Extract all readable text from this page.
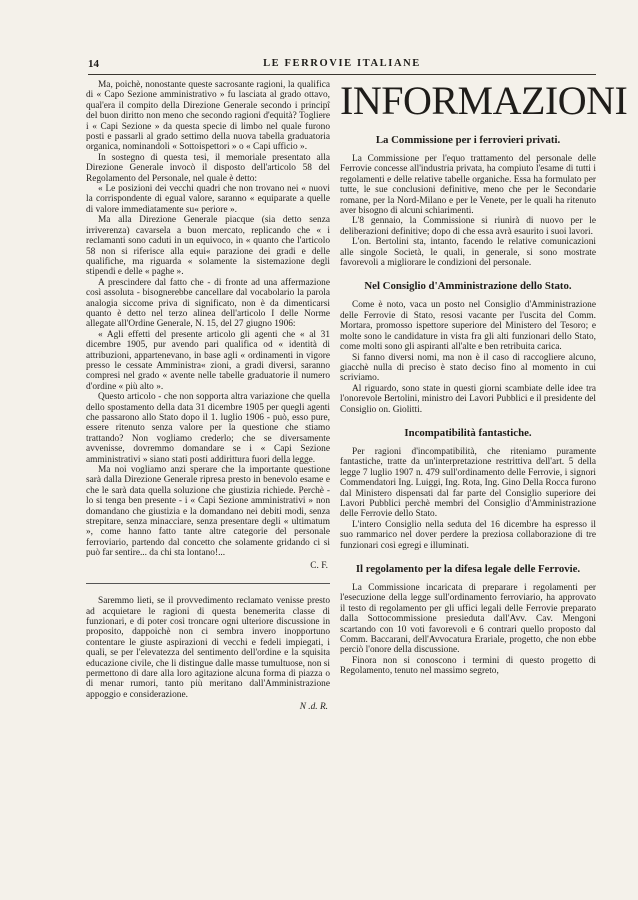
14	LE FERROVIE ITALIANE

Ma, poichè, nonostante queste sacrosante ragioni, la qualifica di « Capo Sezione amministrativo » fu lasciata al grado ottavo, qual'era il compito della Direzione Generale secondo i principî del buon diritto non meno che secondo ragioni d'equità? Togliere i « Capi Sezione » da questa specie di limbo nel quale furono posti e passarli al grado settimo della nuova tabella graduatoria organica, nominandoli « Sottoispettori » o « Capi ufficio ».

In sostegno di questa tesi, il memoriale presentato alla Direzione Generale invocò il disposto dell'articolo 58 del Regolamento del Personale, nel quale è detto:

« Le posizioni dei vecchi quadri che non trovano nei « nuovi la corrispondente di egual valore, saranno « equiparate a quelle di valore immediatamente su« periore ».

Ma alla Direzione Generale piacque (sia detto senza irriverenza) cavarsela a buon mercato, replicando che « i reclamanti sono caduti in un equivoco, in « quanto che l'articolo 58 non si riferisce alla equi« parazione dei gradi e delle qualifiche, ma riguarda « solamente la sistemazione degli stipendi e delle « paghe ».

A prescindere dal fatto che - di fronte ad una affermazione così assoluta - bisognerebbe cancellare dal vocabolario la parola analogia siccome priva di significato, non è da dimenticarsi quanto è detto nel terzo alinea dell'articolo I delle Norme allegate all'Ordine Generale, N. 15, del 27 giugno 1906:

« Agli effetti del presente articolo gli agenti che « al 31 dicembre 1905, pur avendo pari qualifica od « identità di attribuzioni, appartenevano, in base agli « ordinamenti in vigore presso le cessate Amministra« zioni, a gradi diversi, saranno compresi nel grado « avente nelle tabelle graduatorie il numero d'ordine « più alto ».

Questo articolo - che non sopporta altra variazione che quella dello spostamento della data 31 dicembre 1905 per quegli agenti che passarono allo Stato dopo il 1. luglio 1906 - può, esso pure, essere ritenuto senza valore per la questione che stiamo trattando? Non vogliamo crederlo; che se diversamente avvenisse, dovremmo domandare se i « Capi Sezione amministrativi » siano stati posti addirittura fuori della legge.

Ma noi vogliamo anzi sperare che la importante questione sarà dalla Direzione Generale ripresa presto in benevolo esame e che le sarà data quella soluzione che giustizia richiede. Perchè - lo si tenga ben presente - i « Capi Sezione amministrativi » non domandano che giustizia e la domandano nei debiti modi, senza strepitare, senza minacciare, senza presentare degli « ultimatum », come hanno fatto tante altre categorie del personale ferroviario, partendo dal concetto che solamente gridando ci si può far sentire... da chi sta lontano!...

C. F.

Saremmo lieti, se il provvedimento reclamato venisse presto ad acquietare le ragioni di questa benemerita classe di funzionari, e di poter così troncare ogni ulteriore discussione in proposito, dappoichè non ci sembra invero inopportuno contentare le giuste aspirazioni di vecchi e fedeli impiegati, i quali, se per l'elevatezza del sentimento dell'ordine e la squisita educazione civile, che li distingue dalle masse tumultuose, non si permettono di dare alla loro agitazione alcuna forma di piazza o di menar rumori, tanto più meritano dall'Amministrazione appoggio e considerazione.

N .d. R.

INFORMAZIONI
La Commissione per i ferrovieri privati.

La Commissione per l'equo trattamento del personale delle Ferrovie concesse all'industria privata, ha compiuto l'esame di tutti i regolamenti e delle relative tabelle organiche. Essa ha formulato per tutte, le sue conclusioni definitive, meno che per le Secondarie romane, per la Nord-Milano e per le Venete, per le quali ha ritenuto aver bisogno di alcuni schiarimenti.

L'8 gennaio, la Commissione si riunirà di nuovo per le deliberazioni definitive; dopo di che essa avrà esaurito i suoi lavori.

L'on. Bertolini sta, intanto, facendo le relative comunicazioni alle singole Società, le quali, in generale, si sono mostrate favorevoli a migliorare le condizioni del personale.

Nel Consiglio d'Amministrazione dello Stato.

Come è noto, vaca un posto nel Consiglio d'Amministrazione delle Ferrovie di Stato, resosi vacante per l'uscita del Comm. Mortara, promosso ispettore superiore del Ministero del Tesoro; e molte sono le candidature in vista fra gli alti funzionari dello Stato, come molti sono gli aspiranti all'alte e ben retribuita carica.

Si fanno diversi nomi, ma non è il caso di raccogliere alcuno, giacchè nulla di preciso è stato deciso fino al momento in cui scriviamo.

Al riguardo, sono state in questi giorni scambiate delle idee tra l'onorevole Bertolini, ministro dei Lavori Pubblici e il presidente del Consiglio on. Giolitti.

Incompatibilità fantastiche.

Per ragioni d'incompatibilità, che riteniamo puramente fantastiche, tratte da un'interpretazione restrittiva dell'art. 5 della legge 7 luglio 1907 n. 479 sull'ordinamento delle Ferrovie, i signori Commendatori Ing. Luiggi, Ing. Rota, Ing. Gino Della Rocca furono dal Ministero dispensati dal far parte del Consiglio superiore dei Lavori Pubblici perchè membri del Consiglio d'Amministrazione delle Ferrovie dello Stato.

L'intero Consiglio nella seduta del 16 dicembre ha espresso il suo rammarico nel dover perdere la preziosa collaborazione di tre funzionari così egregi e illuminati.

Il regolamento per la difesa legale delle Ferrovie.

La Commissione incaricata di preparare i regolamenti per l'esecuzione della legge sull'ordinamento ferroviario, ha approvato il testo di regolamento per gli uffici legali delle Ferrovie preparato dalla Sottocommissione presieduta dall'Avv. Cav. Mengoni scartando con 10 voti favorevoli e 6 contrari quello proposto dal Comm. Baccarani, dell'Avvocatura Erariale, progetto, che non ebbe perciò l'onore della discussione.

Finora non si conoscono i termini di questo progetto di Regolamento, tenuto nel massimo segreto,
